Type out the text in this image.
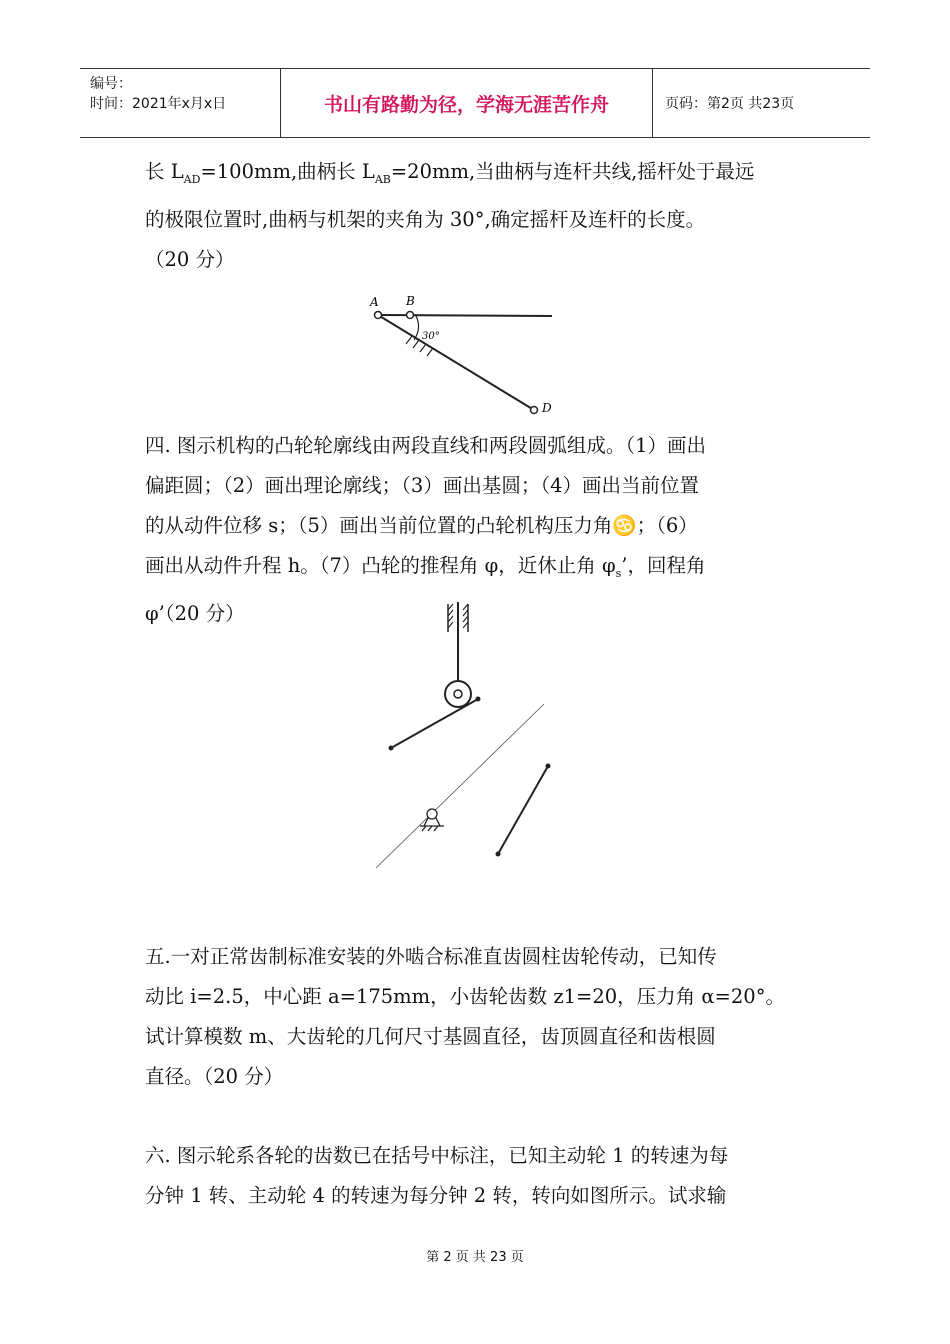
编号：
时间：2021年x月x日	书山有路勤为径，学海无涯苦作舟	页码：第2页 共23页
长 $L_{AD}=100mm$,曲柄长 $L_{AB}=20mm$,当曲柄与连杆共线,摇杆处于最远
的极限位置时,曲柄与机架的夹角为 30°,确定摇杆及连杆的长度。
（20 分）
A B
D
30°
四. 图示机构的凸轮轮廓线由两段直线和两段圆弧组成。（1）画出
偏距圆；（2）画出理论廓线；（3）画出基圆；（4）画出当前位置
的从动件位移 s；（5）画出当前位置的凸轮机构压力角♋；（6）
画出从动件升程 h。（7）凸轮的推程角 φ，近休止角 $\varphi_s$’，回程角
φ’（20 分）
五.一对正常齿制标准安装的外啮合标准直齿圆柱齿轮传动，已知传
动比 i=2.5，中心距 a=175mm，小齿轮齿数 z1=20，压力角 α=20°。
试计算模数 m、大齿轮的几何尺寸基圆直径，齿顶圆直径和齿根圆
直径。（20 分）
六. 图示轮系各轮的齿数已在括号中标注，已知主动轮 1 的转速为每
分钟 1 转、主动轮 4 的转速为每分钟 2 转，转向如图所示。试求输
第 2 页 共 23 页
